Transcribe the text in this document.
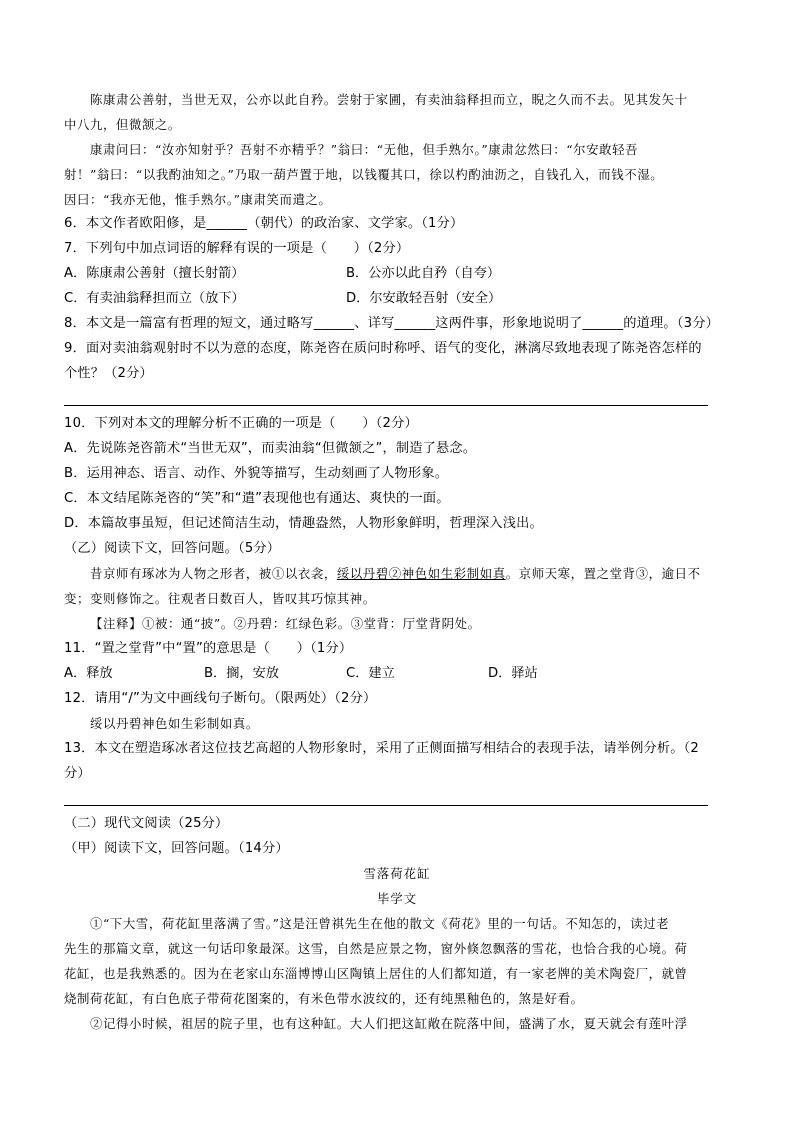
陈康肃公善射，当世无双，公亦以此自矜。尝射于家圃，有卖油翁释担而立，睨之久而不去。见其发矢十
中八九，但微颔之。
康肃问曰：“汝亦知射乎？吾射不亦精乎？”翁曰：“无他，但手熟尔。”康肃忿然曰：“尔安敢轻吾
射！”翁曰：“以我酌油知之。”乃取一葫芦置于地，以钱覆其口，徐以杓酌油沥之，自钱孔入，而钱不湿。
因曰：“我亦无他，惟手熟尔。”康肃笑而遣之。
6．本文作者欧阳修，是______（朝代）的政治家、文学家。（1分）
7．下列句中加点词语的解释有误的一项是（　　）（2分）
A．陈康肃公善射（擅长射箭）	B．公亦以此自矜（自夸）
C．有卖油翁释担而立（放下）	D．尔安敢轻吾射（安全）
8．本文是一篇富有哲理的短文，通过略写______、详写______这两件事，形象地说明了______的道理。（3分）
9．面对卖油翁观射时不以为意的态度，陈尧咨在质问时称呼、语气的变化，淋漓尽致地表现了陈尧咨怎样的
个性？（2分）
10．下列对本文的理解分析不正确的一项是（　　）（2分）
A．先说陈尧咨箭术“当世无双”，而卖油翁“但微颔之”，制造了悬念。
B．运用神态、语言、动作、外貌等描写，生动刻画了人物形象。
C．本文结尾陈尧咨的“笑”和“遣”表现他也有通达、爽快的一面。
D．本篇故事虽短，但记述简洁生动，情趣盎然，人物形象鲜明，哲理深入浅出。
（乙）阅读下文，回答问题。（5分）
昔京师有琢冰为人物之形者，被①以衣衾，绥以丹碧②神色如生彩制如真。京师天寒，置之堂背③，逾日不
变；变则修饰之。往观者日数百人，皆叹其巧惊其神。
【注释】①被：通“披”。②丹碧：红绿色彩。③堂背：厅堂背阴处。
11．“置之堂背”中“置”的意思是（　　）（1分）
A．释放	B．搁，安放	C．建立	D．驿站
12．请用“/”为文中画线句子断句。（限两处）（2分）
绥以丹碧神色如生彩制如真。
13．本文在塑造琢冰者这位技艺高超的人物形象时，采用了正侧面描写相结合的表现手法，请举例分析。（2
分）
（二）现代文阅读（25分）
（甲）阅读下文，回答问题。（14分）
雪落荷花缸
毕学文
①“下大雪，荷花缸里落满了雪。”这是汪曾祺先生在他的散文《荷花》里的一句话。不知怎的，读过老
先生的那篇文章，就这一句话印象最深。这雪，自然是应景之物，窗外倏忽飘落的雪花，也恰合我的心境。荷
花缸，也是我熟悉的。因为在老家山东淄博博山区陶镇上居住的人们都知道，有一家老牌的美术陶瓷厂，就曾
烧制荷花缸，有白色底子带荷花图案的，有米色带水波纹的，还有纯黑釉色的，煞是好看。
②记得小时候，祖居的院子里，也有这种缸。大人们把这缸敞在院落中间，盛满了水，夏天就会有莲叶浮
